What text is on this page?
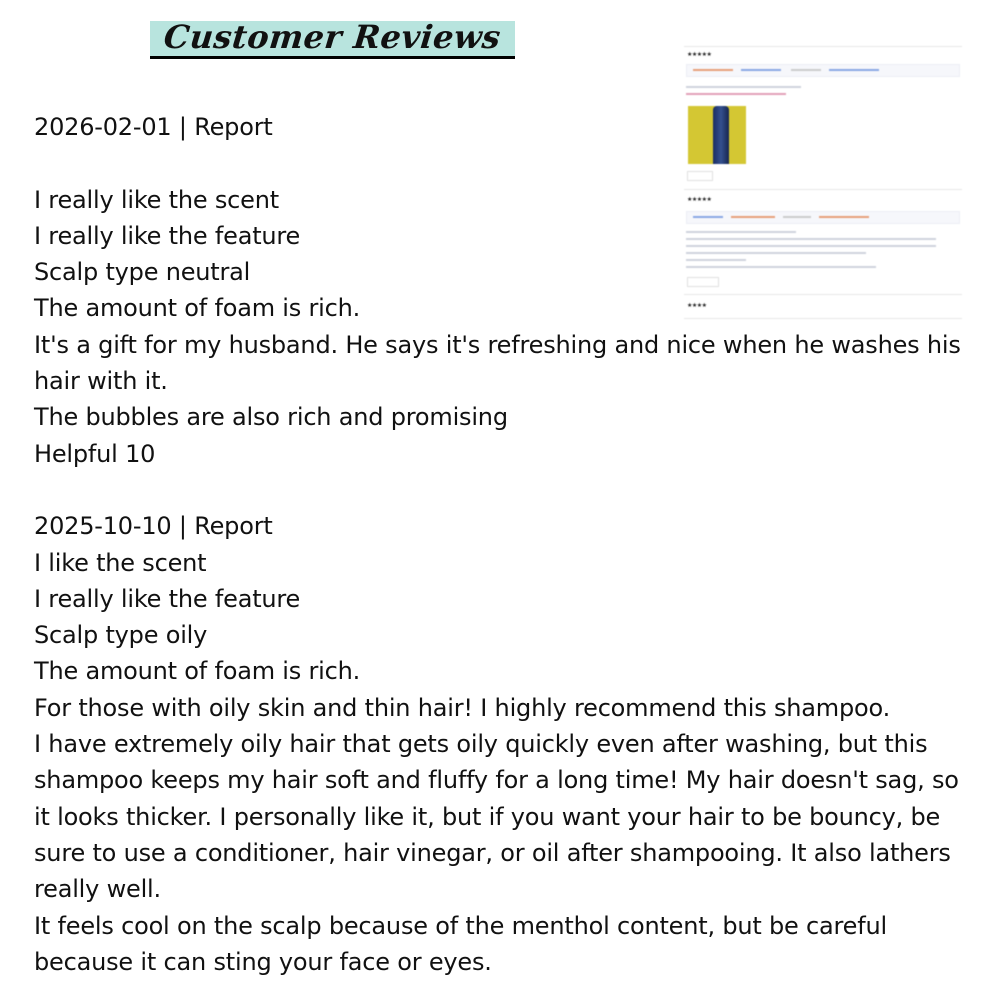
Customer Reviews
2026-02-01 | Report
I really like the scent
I really like the feature
Scalp type neutral
The amount of foam is rich.
It's a gift for my husband. He says it's refreshing and nice when he washes his hair with it.
The bubbles are also rich and promising
Helpful 10
2025-10-10 | Report
I like the scent
I really like the feature
Scalp type oily
The amount of foam is rich.
For those with oily skin and thin hair! I highly recommend this shampoo.
I have extremely oily hair that gets oily quickly even after washing, but this shampoo keeps my hair soft and fluffy for a long time! My hair doesn't sag, so it looks thicker. I personally like it, but if you want your hair to be bouncy, be sure to use a conditioner, hair vinegar, or oil after shampooing. It also lathers really well.
It feels cool on the scalp because of the menthol content, but be careful because it can sting your face or eyes.
★★★★★
★★★★★
★★★★
